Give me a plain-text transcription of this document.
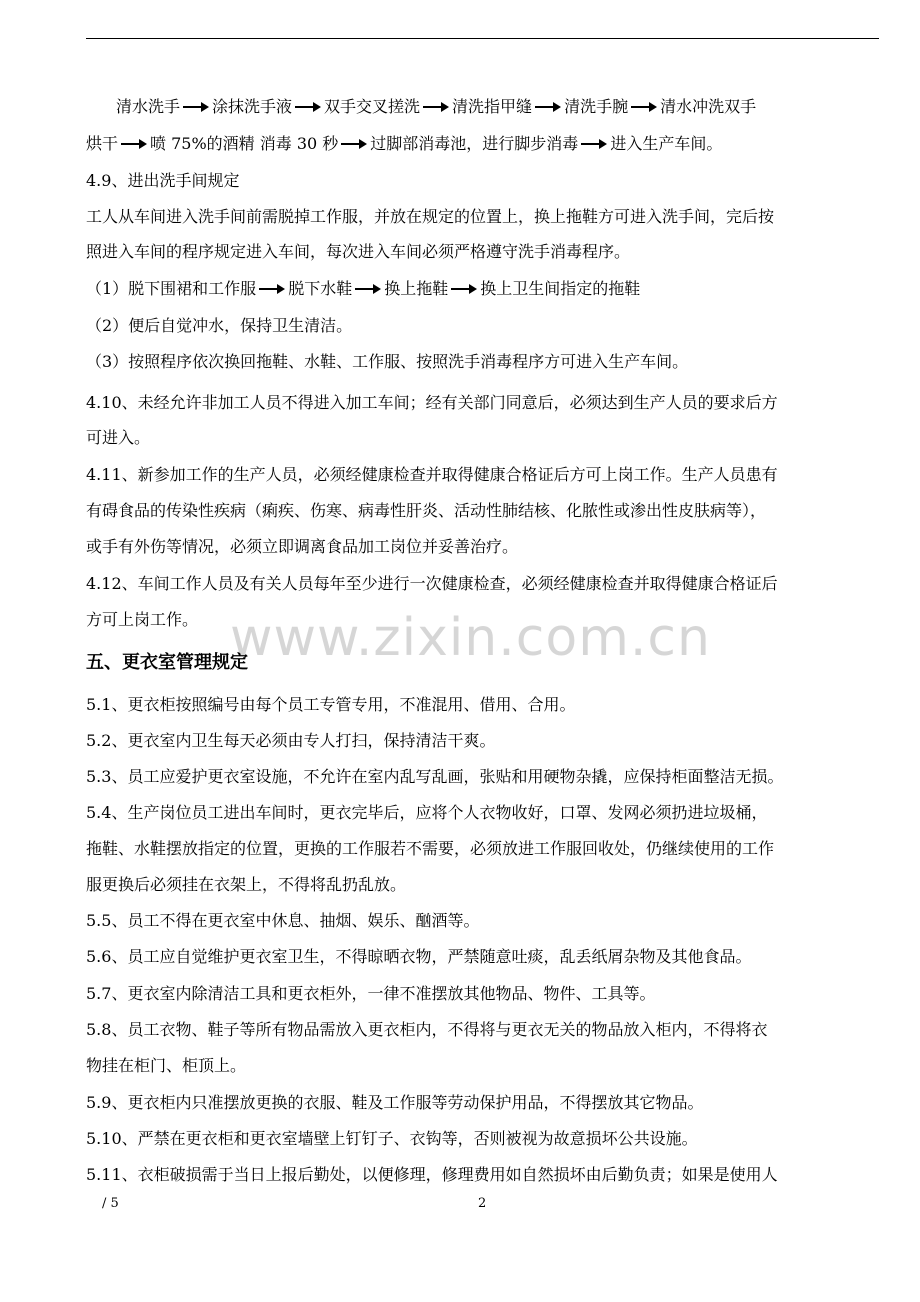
清水洗手 涂抹洗手液 双手交叉搓洗 清洗指甲缝 清洗手腕 清水冲洗双手
烘干 喷 75%的酒精 消毒 30 秒 过脚部消毒池，进行脚步消毒 进入生产车间。
4.9、进出洗手间规定
工人从车间进入洗手间前需脱掉工作服，并放在规定的位置上，换上拖鞋方可进入洗手间，完后按
照进入车间的程序规定进入车间，每次进入车间必须严格遵守洗手消毒程序。
（1）脱下围裙和工作服 脱下水鞋 换上拖鞋 换上卫生间指定的拖鞋
（2）便后自觉冲水，保持卫生清洁。
（3）按照程序依次换回拖鞋、水鞋、工作服、按照洗手消毒程序方可进入生产车间。
4.10、未经允许非加工人员不得进入加工车间；经有关部门同意后，必须达到生产人员的要求后方
可进入。
4.11、新参加工作的生产人员，必须经健康检查并取得健康合格证后方可上岗工作。生产人员患有
有碍食品的传染性疾病（痢疾、伤寒、病毒性肝炎、活动性肺结核、化脓性或渗出性皮肤病等），
或手有外伤等情况，必须立即调离食品加工岗位并妥善治疗。
4.12、车间工作人员及有关人员每年至少进行一次健康检查，必须经健康检查并取得健康合格证后
方可上岗工作。 www.zixin.com.cn
五、更衣室管理规定
5.1、更衣柜按照编号由每个员工专管专用，不准混用、借用、合用。
5.2、更衣室内卫生每天必须由专人打扫，保持清洁干爽。
5.3、员工应爱护更衣室设施，不允许在室内乱写乱画，张贴和用硬物杂撬，应保持柜面整洁无损。
5.4、生产岗位员工进出车间时，更衣完毕后，应将个人衣物收好，口罩、发网必须扔进垃圾桶，
拖鞋、水鞋摆放指定的位置，更换的工作服若不需要，必须放进工作服回收处，仍继续使用的工作
服更换后必须挂在衣架上，不得将乱扔乱放。
5.5、员工不得在更衣室中休息、抽烟、娱乐、酗酒等。
5.6、员工应自觉维护更衣室卫生，不得晾晒衣物，严禁随意吐痰，乱丢纸屑杂物及其他食品。
5.7、更衣室内除清洁工具和更衣柜外，一律不准摆放其他物品、物件、工具等。
5.8、员工衣物、鞋子等所有物品需放入更衣柜内，不得将与更衣无关的物品放入柜内，不得将衣
物挂在柜门、柜顶上。
5.9、更衣柜内只准摆放更换的衣服、鞋及工作服等劳动保护用品，不得摆放其它物品。
5.10、严禁在更衣柜和更衣室墙壁上钉钉子、衣钩等，否则被视为故意损坏公共设施。
5.11、衣柜破损需于当日上报后勤处，以便修理，修理费用如自然损坏由后勤负责；如果是使用人
/ 5	2
